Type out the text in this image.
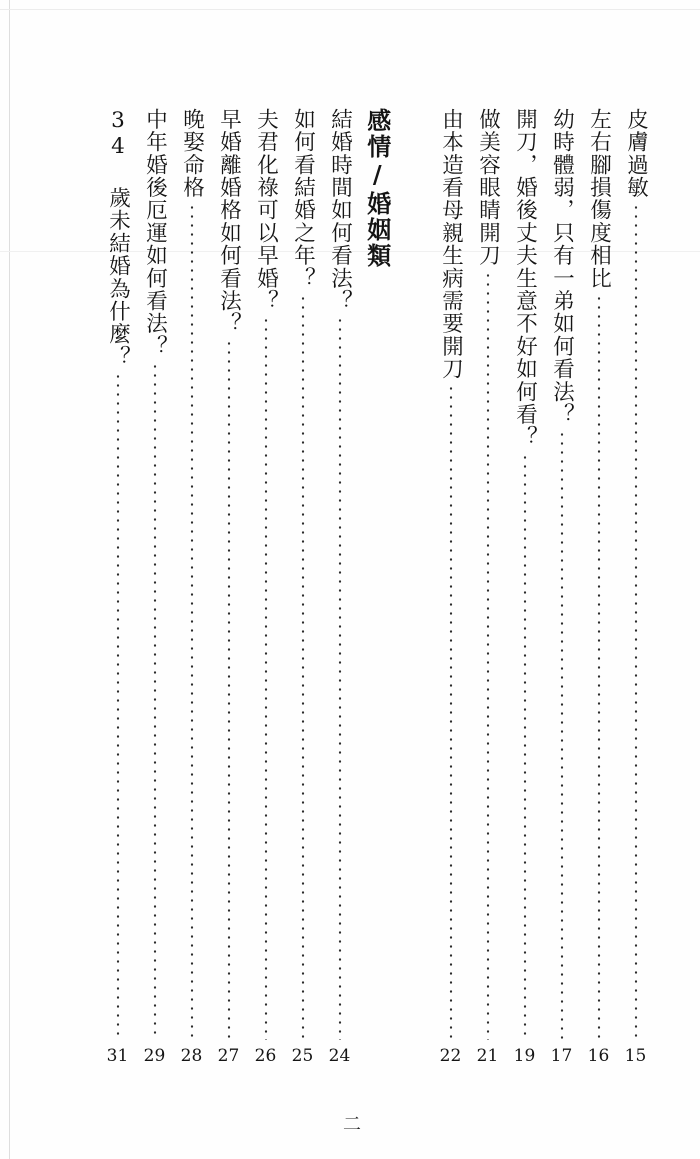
皮膚過敏
15
左右腳損傷度相比
16
幼時體弱，只有一弟如何看法？
17
開刀，婚後丈夫生意不好如何看？
19
做美容眼睛開刀
21
由本造看母親生病需要開刀
22
感情/婚姻類
結婚時間如何看法？
24
如何看結婚之年？
25
夫君化祿可以早婚？
26
早婚離婚格如何看法？
27
晚娶命格
28
中年婚後厄運如何看法？
29
34 歲未結婚為什麼？
31
二
